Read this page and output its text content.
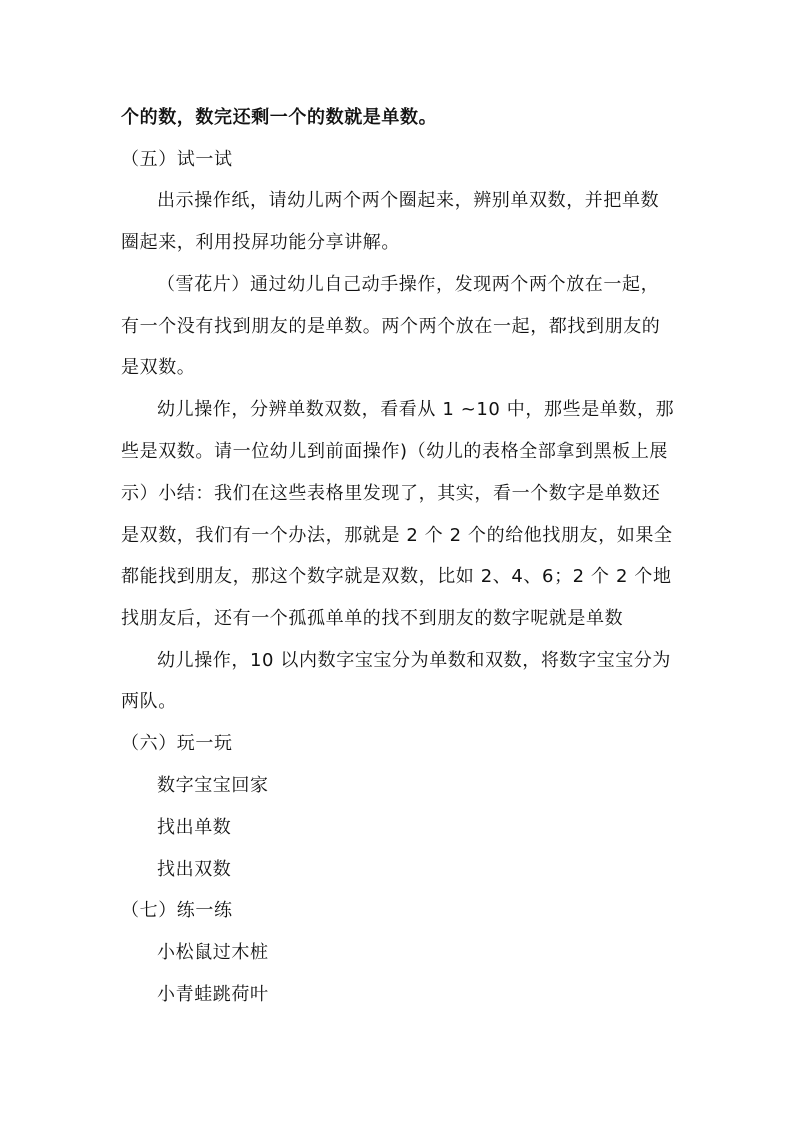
个的数，数完还剩一个的数就是单数。
（五）试一试
出示操作纸，请幼儿两个两个圈起来，辨别单双数，并把单数
圈起来，利用投屏功能分享讲解。
（雪花片）通过幼儿自己动手操作，发现两个两个放在一起，
有一个没有找到朋友的是单数。两个两个放在一起，都找到朋友的
是双数。
幼儿操作，分辨单数双数，看看从 1 ~10 中，那些是单数，那
些是双数。请一位幼儿到前面操作)（幼儿的表格全部拿到黑板上展
示）小结：我们在这些表格里发现了，其实，看一个数字是单数还
是双数，我们有一个办法，那就是 2 个 2 个的给他找朋友，如果全
都能找到朋友，那这个数字就是双数，比如 2、4、6；2 个 2 个地
找朋友后，还有一个孤孤单单的找不到朋友的数字呢就是单数
幼儿操作，10 以内数字宝宝分为单数和双数，将数字宝宝分为
两队。
（六）玩一玩
数字宝宝回家
找出单数
找出双数
（七）练一练
小松鼠过木桩
小青蛙跳荷叶
